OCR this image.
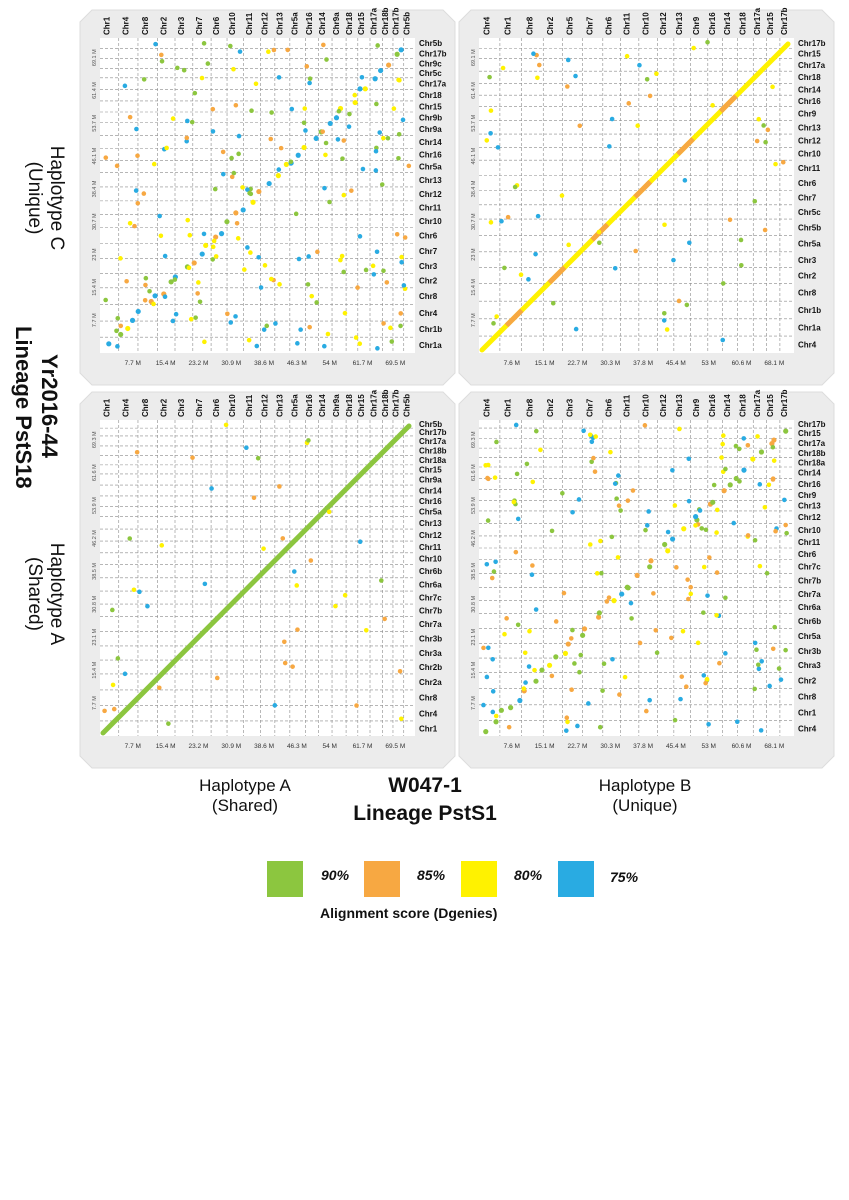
Chr1 Chr4 Chr8 Chr2 Chr3 Chr7 Chr6 Chr10 Chr11 Chr12 Chr13 Chr5a Chr16 Chr14 Chr9a Chr18 Chr15 Chr17a Chr18b Chr17b Chr5b
Chr1a
Chr1b
Chr4
Chr8
Chr2
Chr3
Chr7
Chr6
Chr10
Chr11
Chr12
Chr13
Chr5a
Chr16
Chr14
Chr9a
Chr9b
Chr15
Chr18
Chr17a
Chr5c
Chr9c
Chr17b
Chr5b
7.7 M 15.4 M 23.2 M 30.9 M 38.6 M 46.3 M 54 M 61.7 M 69.5 M
7.7 M
15.4 M
23 M
30.7 M
38.4 M
46.1 M
53.7 M
61.4 M
69.1 M
Chr4 Chr1 Chr8 Chr2 Chr5 Chr7 Chr6 Chr11 Chr10 Chr12 Chr13 Chr9 Chr16 Chr14 Chr18 Chr17a Chr15 Chr17b
Chr4
Chr1a
Chr1b
Chr8
Chr2
Chr3
Chr5a
Chr5b
Chr5c
Chr7
Chr6
Chr11
Chr10
Chr12
Chr13
Chr9
Chr16
Chr14
Chr18
Chr17a
Chr15
Chr17b
7.6 M 15.1 M 22.7 M 30.3 M 37.8 M 45.4 M 53 M 60.6 M 68.1 M
7.7 M
15.4 M
23 M
30.7 M
38.4 M
46.1 M
53.7 M
61.4 M
69.1 M
Chr1 Chr4 Chr8 Chr2 Chr3 Chr7 Chr6 Chr10 Chr11 Chr12 Chr13 Chr5a Chr16 Chr14 Chr9a Chr18 Chr15 Chr17a Chr18b Chr17b Chr5b
Chr1
Chr4
Chr8
Chr2a
Chr2b
Chr3a
Chr3b
Chr7a
Chr7b
Chr7c
Chr6a
Chr6b
Chr10
Chr11
Chr12
Chr13
Chr5a
Chr16
Chr14
Chr9a
Chr15
Chr18a
Chr18b
Chr17a
Chr17b
Chr5b
7.7 M 15.4 M 23.2 M 30.9 M 38.6 M 46.3 M 54 M 61.7 M 69.5 M
7.7 M
15.4 M
23.1 M
30.8 M
38.5 M
46.2 M
53.9 M
61.6 M
69.3 M
Chr4 Chr1 Chr8 Chr2 Chr3 Chr7 Chr6 Chr11 Chr10 Chr12 Chr13 Chr9 Chr16 Chr14 Chr18 Chr17a Chr15 Chr17b
Chr4
Chr1
Chr8
Chr2
Chra3
Chr3b
Chr5a
Chr6b
Chr6a
Chr7a
Chr7b
Chr7c
Chr6
Chr11
Chr10
Chr12
Chr13
Chr9
Chr16
Chr14
Chr18a
Chr18b
Chr17a
Chr15
Chr17b
7.6 M 15.1 M 22.7 M 30.3 M 37.8 M 45.4 M 53 M 60.6 M 68.1 M
7.7 M
15.4 M
23.1 M
30.8 M
38.5 M
46.2 M
53.9 M
61.6 M
69.3 M
Haplotype C
(Unique)
Yr2016-44
Lineage PstS18
Haplotype A
(Shared)
Haplotype A
(Shared)
W047-1
Lineage PstS1
Haplotype B
(Unique)
90%	85%	80%	75%
Alignment score (Dgenies)
